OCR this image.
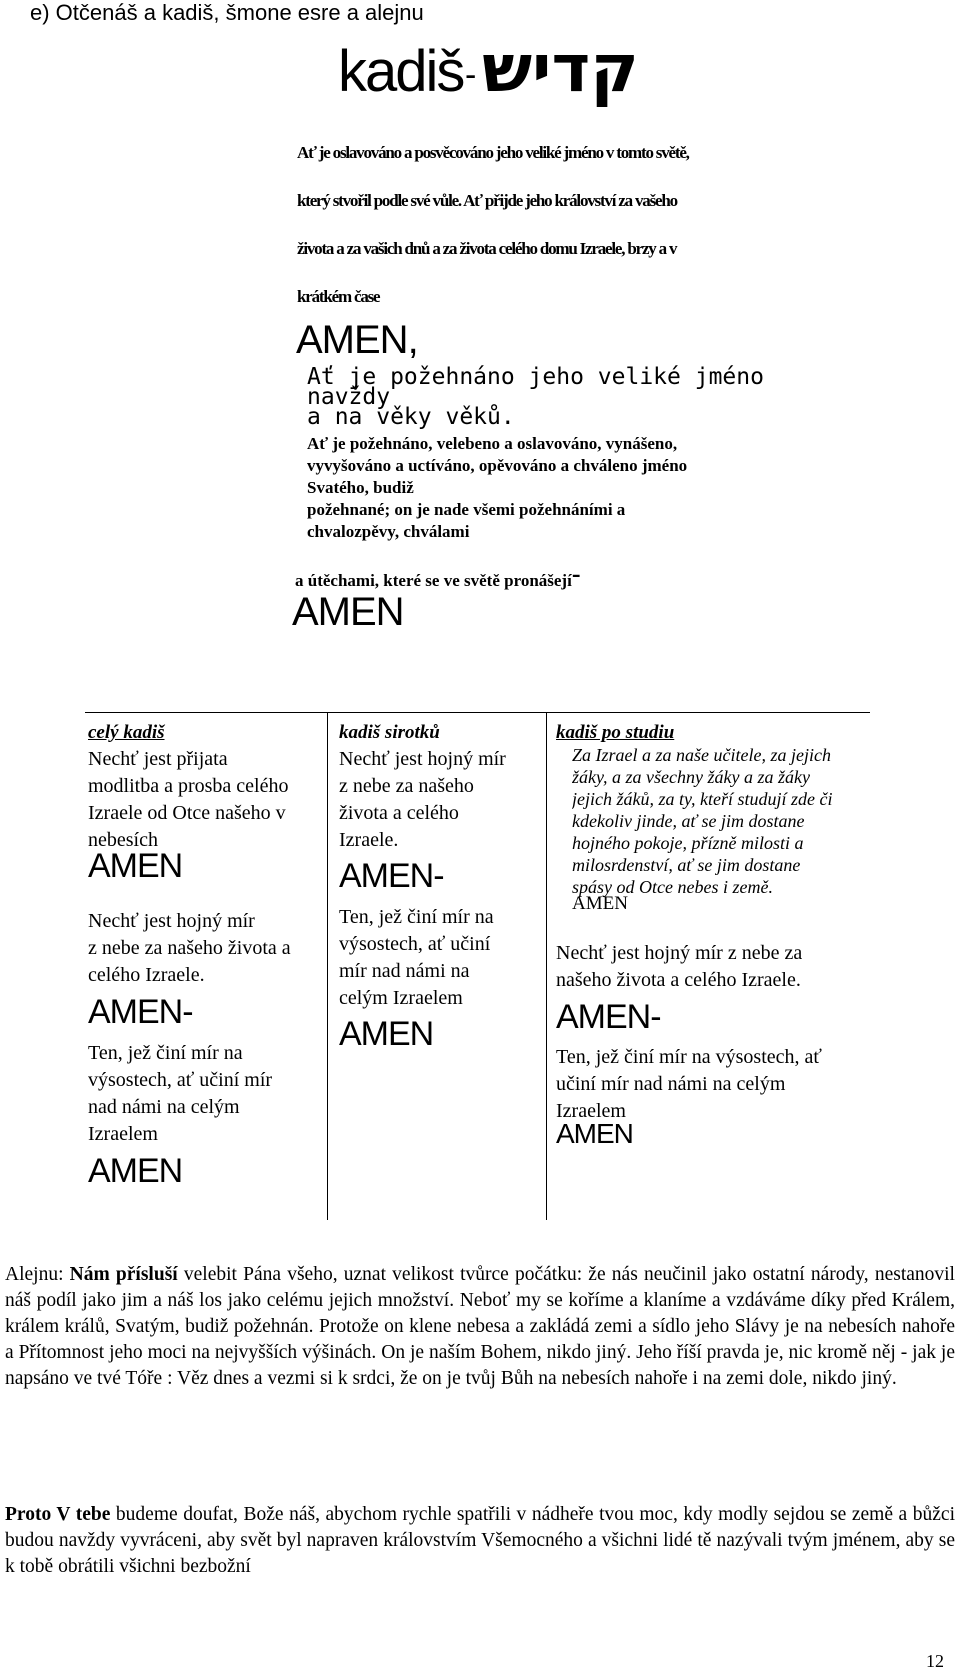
e) Otčenáš a kadiš, šmone esre a alejnu
kadiš - קדיש
Ať je oslavováno a posvěcováno jeho veliké jméno v tomto světě,
který stvořil podle své vůle. Ať přijde jeho království za vašeho
života a za vašich dnů a za života celého domu Izraele, brzy a v
krátkém čase
AMEN,
Ať je požehnáno jeho veliké jméno
navždy
a na věky věků.
Ať je požehnáno, velebeno a oslavováno, vynášeno,
vyvyšováno a uctíváno, opěvováno a chváleno jméno
Svatého, budiž
požehnané; on je nade všemi požehnáními a
chvalozpěvy, chválami
a útěchami, které se ve světě pronášejí-
AMEN
celý kadiš
Nechť jest přijata
modlitba a prosba celého
Izraele od Otce našeho v
nebesích
AMEN
Nechť jest hojný mír
z nebe za našeho života a
celého Izraele.
AMEN-
Ten, jež činí mír na
výsostech, ať učiní mír
nad námi na celým
Izraelem
AMEN
kadiš sirotků
Nechť jest hojný mír
z nebe za našeho
života a celého
Izraele.
AMEN-
Ten, jež činí mír na
výsostech, ať učiní
mír nad námi na
celým Izraelem
AMEN
kadiš po studiu
Za Izrael a za naše učitele, za jejich
žáky, a za všechny žáky a za žáky
jejich žáků, za ty, kteří studují zde či
kdekoliv jinde, ať se jim dostane
hojného pokoje, přízně milosti a
milosrdenství, ať se jim dostane
spásy od Otce nebes i země.
AMEN
Nechť jest hojný mír z nebe za
našeho života a celého Izraele.
AMEN-
Ten, jež činí mír na výsostech, ať
učiní mír nad námi na celým
Izraelem
AMEN
Alejnu: Nám přísluší velebit Pána všeho, uznat velikost tvůrce počátku: že nás neučinil jako ostatní národy, nestanovil náš podíl jako jim a náš los jako celému jejich množství. Neboť my se koříme a klaníme a vzdáváme díky před Králem, králem králů, Svatým, budiž požehnán. Protože on klene nebesa a zakládá zemi a sídlo jeho Slávy je na nebesích nahoře a Přítomnost jeho moci na nejvyšších výšinách. On je naším Bohem, nikdo jiný. Jeho říší pravda je, nic kromě něj - jak je napsáno ve tvé Tóře : Věz dnes a vezmi si k srdci, že on je tvůj Bůh na nebesích nahoře i na zemi dole, nikdo jiný.
Proto V tebe budeme doufat, Bože náš, abychom rychle spatřili v nádheře tvou moc, kdy modly sejdou se země a bůžci budou navždy vyvráceni, aby svět byl napraven královstvím Všemocného a všichni lidé tě nazývali tvým jménem, aby se k tobě obrátili všichni bezbožní
12
